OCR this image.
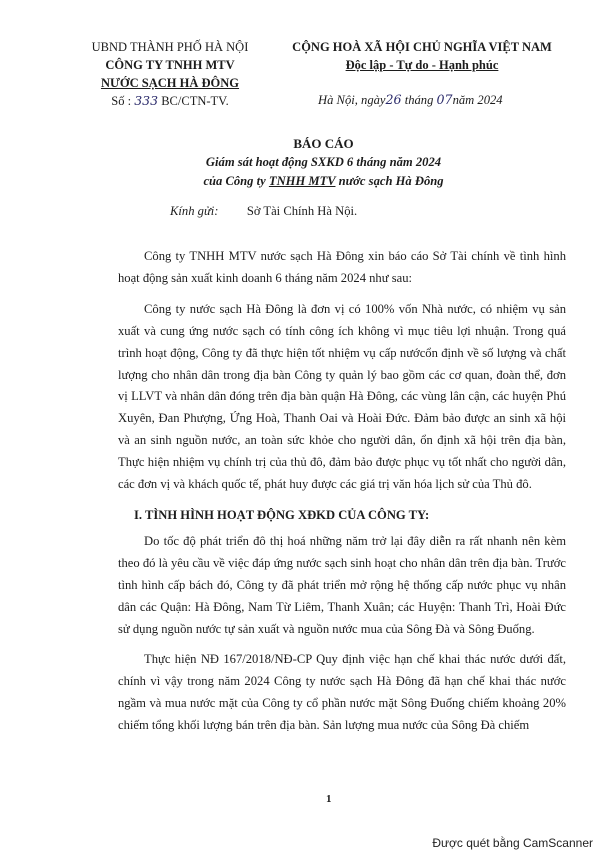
UBND THÀNH PHỐ HÀ NỘI
CÔNG TY TNHH MTV
NƯỚC SẠCH HÀ ĐÔNG
Số : 333 BC/CTN-TV.
CỘNG HOÀ XÃ HỘI CHỦ NGHĨA VIỆT NAM
Độc lập - Tự do - Hạnh phúc
Hà Nội, ngày26 tháng 07năm 2024
BÁO CÁO
Giám sát hoạt động SXKD 6 tháng năm 2024
của Công ty TNHH MTV nước sạch Hà Đông
Kính gửi: Sở Tài Chính Hà Nội.

Công ty TNHH MTV nước sạch Hà Đông xin báo cáo Sở Tài chính về tình hình hoạt động sản xuất kinh doanh 6 tháng năm 2024 như sau:

Công ty nước sạch Hà Đông là đơn vị có 100% vốn Nhà nước, có nhiệm vụ sản xuất và cung ứng nước sạch có tính công ích không vì mục tiêu lợi nhuận. Trong quá trình hoạt động, Công ty đã thực hiện tốt nhiệm vụ cấp nướcổn định về số lượng và chất lượng cho nhân dân trong địa bàn Công ty quản lý bao gồm các cơ quan, đoàn thể, đơn vị LLVT và nhân dân đóng trên địa bàn quận Hà Đông, các vùng lân cận, các huyện Phú Xuyên, Đan Phượng, Ứng Hoà, Thanh Oai và Hoài Đức. Đảm bảo được an sinh xã hội và an sinh nguồn nước, an toàn sức khỏe cho người dân, ổn định xã hội trên địa bàn, Thực hiện nhiệm vụ chính trị của thủ đô, đảm bảo được phục vụ tốt nhất cho người dân, các đơn vị và khách quốc tế, phát huy được các giá trị văn hóa lịch sử của Thủ đô.

I. TÌNH HÌNH HOẠT ĐỘNG XĐKD CỦA CÔNG TY:

Do tốc độ phát triển đô thị hoá những năm trở lại đây diễn ra rất nhanh nên kèm theo đó là yêu cầu về việc đáp ứng nước sạch sinh hoạt cho nhân dân trên địa bàn. Trước tình hình cấp bách đó, Công ty đã phát triển mở rộng hệ thống cấp nước phục vụ nhân dân các Quận: Hà Đông, Nam Từ Liêm, Thanh Xuân; các Huyện: Thanh Trì, Hoài Đức sử dụng nguồn nước tự sản xuất và nguồn nước mua của Sông Đà và Sông Đuống.

Thực hiện NĐ 167/2018/NĐ-CP Quy định việc hạn chế khai thác nước dưới đất, chính vì vậy trong năm 2024 Công ty nước sạch Hà Đông đã hạn chế khai thác nước ngầm và mua nước mặt của Công ty cổ phần nước mặt Sông Đuống chiếm khoảng 20% chiếm tổng khối lượng bán trên địa bàn. Sản lượng mua nước của Sông Đà chiếm

1
Được quét bằng CamScanner
